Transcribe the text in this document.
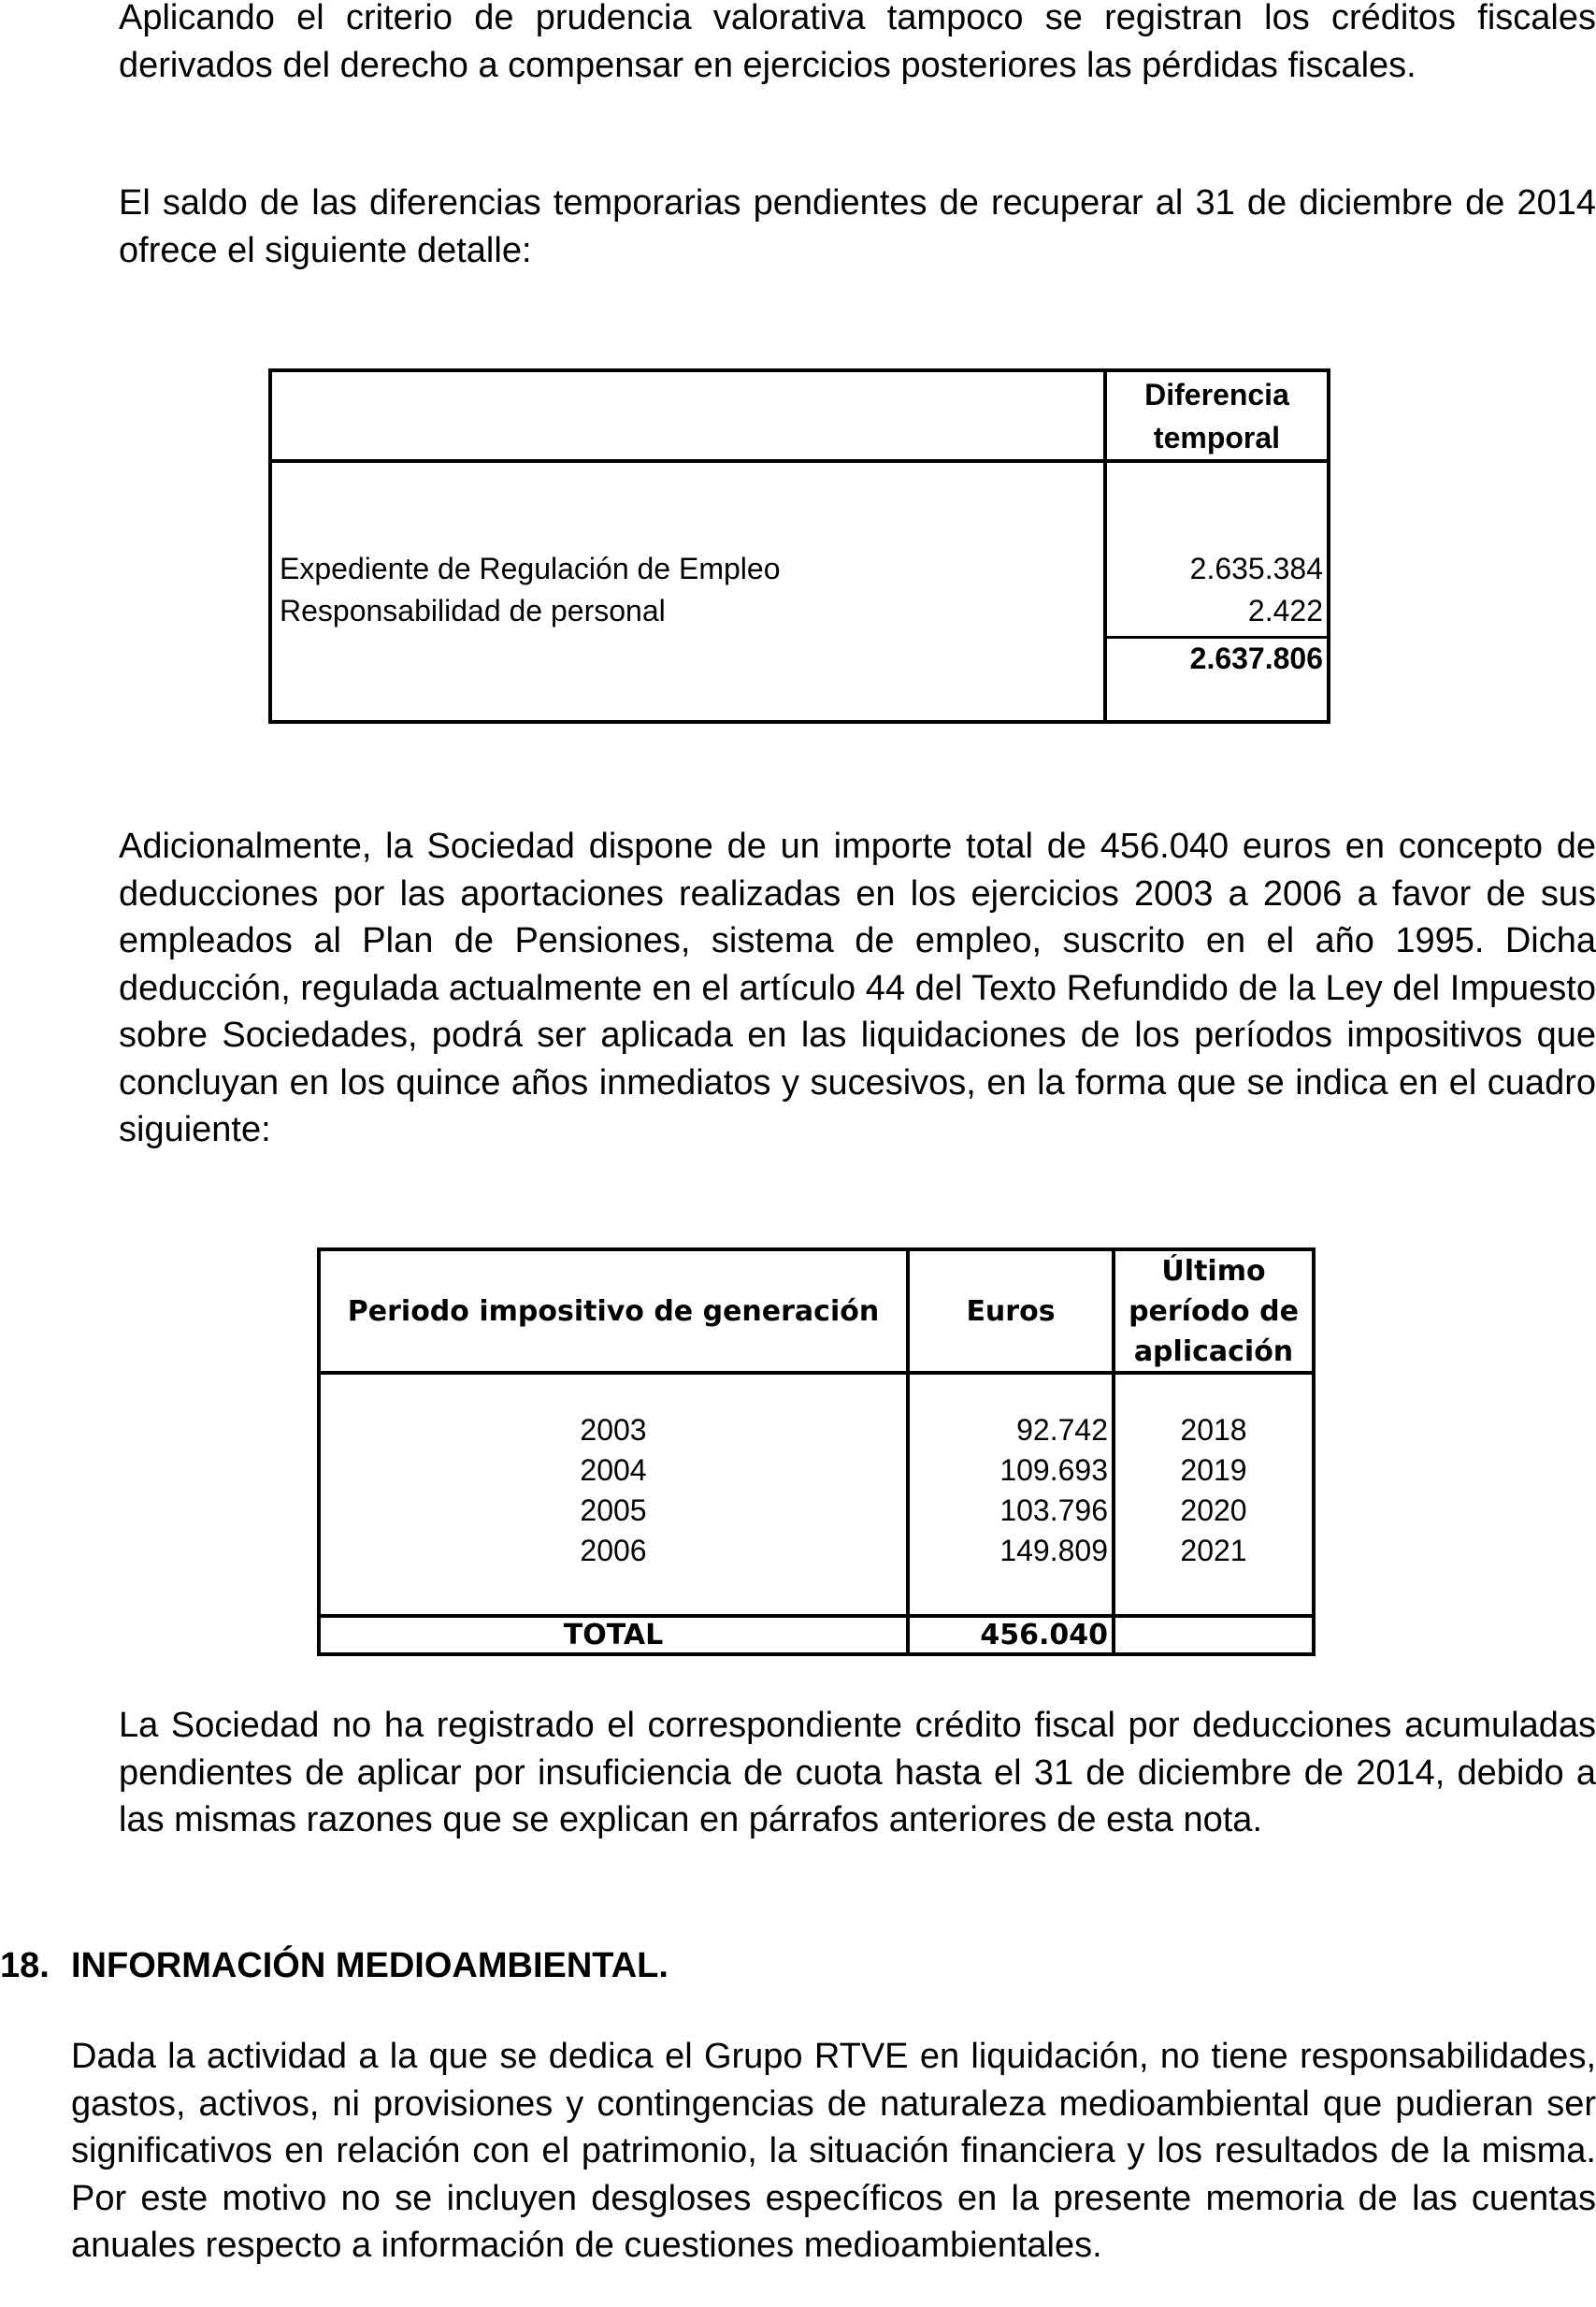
Aplicando el criterio de prudencia valorativa tampoco se registran los créditos fiscales derivados del derecho a compensar en ejercicios posteriores las pérdidas fiscales.

El saldo de las diferencias temporarias pendientes de recuperar al 31 de diciembre de 2014 ofrece el siguiente detalle:

Diferencia
temporal
Expediente de Regulación de Empleo	2.635.384
Responsabilidad de personal	2.422
2.637.806

Adicionalmente, la Sociedad dispone de un importe total de 456.040 euros en concepto de deducciones por las aportaciones realizadas en los ejercicios 2003 a 2006 a favor de sus empleados al Plan de Pensiones, sistema de empleo, suscrito en el año 1995. Dicha deducción, regulada actualmente en el artículo 44 del Texto Refundido de la Ley del Impuesto sobre Sociedades, podrá ser aplicada en las liquidaciones de los períodos impositivos que concluyan en los quince años inmediatos y sucesivos, en la forma que se indica en el cuadro siguiente:

Periodo impositivo de generación	Euros
Último
período de
aplicación
2003	92.742	2018
2004	109.693	2019
2005	103.796	2020
2006	149.809	2021
TOTAL	456.040

La Sociedad no ha registrado el correspondiente crédito fiscal por deducciones acumuladas pendientes de aplicar por insuficiencia de cuota hasta el 31 de diciembre de 2014, debido a las mismas razones que se explican en párrafos anteriores de esta nota.

18. INFORMACIÓN MEDIOAMBIENTAL.

Dada la actividad a la que se dedica el Grupo RTVE en liquidación, no tiene responsabilidades, gastos, activos, ni provisiones y contingencias de naturaleza medioambiental que pudieran ser significativos en relación con el patrimonio, la situación financiera y los resultados de la misma. Por este motivo no se incluyen desgloses específicos en la presente memoria de las cuentas anuales respecto a información de cuestiones medioambientales.
